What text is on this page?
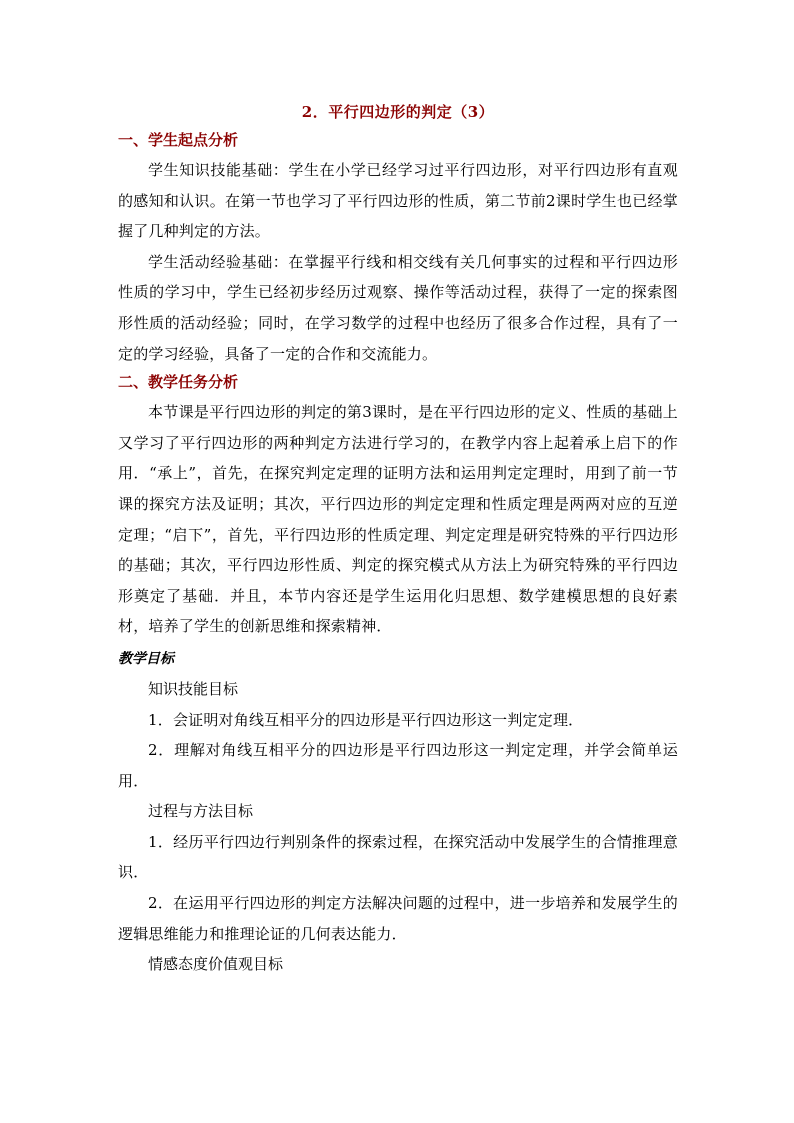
2．平行四边形的判定（3）
一、学生起点分析

学生知识技能基础：学生在小学已经学习过平行四边形，对平行四边形有直观的感知和认识。在第一节也学习了平行四边形的性质，第二节前2课时学生也已经掌握了几种判定的方法。

学生活动经验基础：在掌握平行线和相交线有关几何事实的过程和平行四边形性质的学习中，学生已经初步经历过观察、操作等活动过程，获得了一定的探索图形性质的活动经验；同时，在学习数学的过程中也经历了很多合作过程，具有了一定的学习经验，具备了一定的合作和交流能力。

二、教学任务分析

本节课是平行四边形的判定的第3课时，是在平行四边形的定义、性质的基础上又学习了平行四边形的两种判定方法进行学习的，在教学内容上起着承上启下的作用．“承上”，首先，在探究判定定理的证明方法和运用判定定理时，用到了前一节课的探究方法及证明；其次，平行四边形的判定定理和性质定理是两两对应的互逆定理；“启下”，首先，平行四边形的性质定理、判定定理是研究特殊的平行四边形的基础；其次，平行四边形性质、判定的探究模式从方法上为研究特殊的平行四边形奠定了基础．并且，本节内容还是学生运用化归思想、数学建模思想的良好素材，培养了学生的创新思维和探索精神．

教学目标

知识技能目标

1．会证明对角线互相平分的四边形是平行四边形这一判定定理．

2．理解对角线互相平分的四边形是平行四边形这一判定定理，并学会简单运用．

过程与方法目标

1．经历平行四边行判别条件的探索过程，在探究活动中发展学生的合情推理意识．

2．在运用平行四边形的判定方法解决问题的过程中，进一步培养和发展学生的逻辑思维能力和推理论证的几何表达能力．

情感态度价值观目标
